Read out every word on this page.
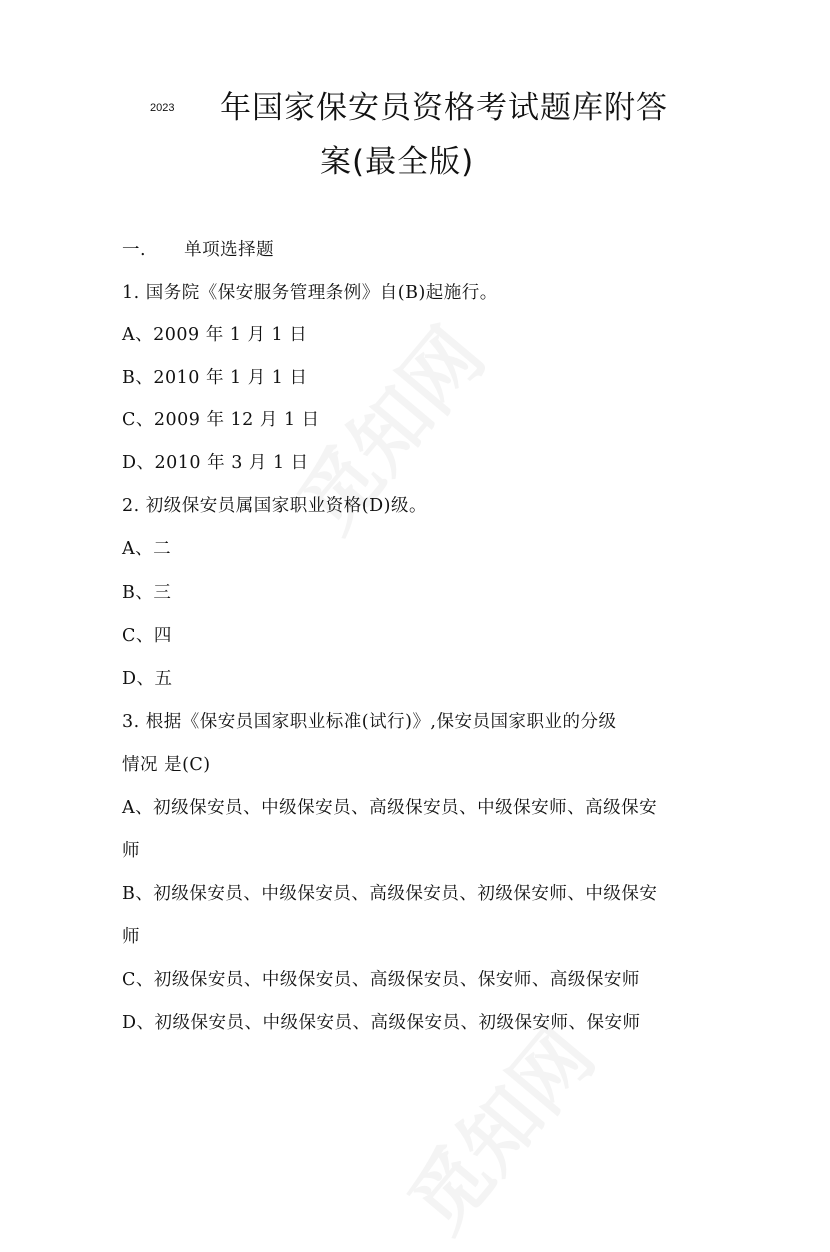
2023 年国家保安员资格考试题库附答
案(最全版)
一. 单项选择题
1. 国务院《保安服务管理条例》自(B)起施行。
A、2009 年 1 月 1 日
B、2010 年 1 月 1 日
C、2009 年 12 月 1 日
D、2010 年 3 月 1 日
2. 初级保安员属国家职业资格(D)级。
A、二
B、三
C、四
D、五
3. 根据《保安员国家职业标准(试行)》,保安员国家职业的分级
情况 是(C)
A、初级保安员、中级保安员、高级保安员、中级保安师、高级保安
师
B、初级保安员、中级保安员、高级保安员、初级保安师、中级保安
师
C、初级保安员、中级保安员、高级保安员、保安师、高级保安师
D、初级保安员、中级保安员、高级保安员、初级保安师、保安师
